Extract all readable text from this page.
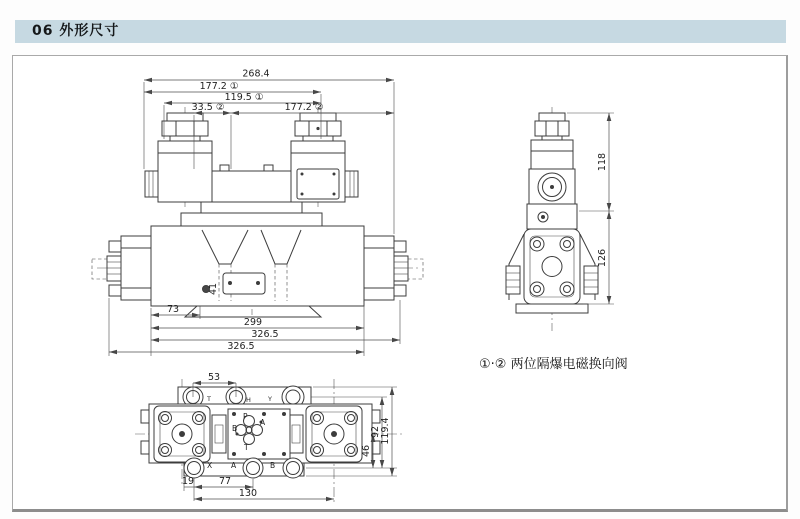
06 外形尺寸
41
268.4
177.2 ①
119.5 ①
33.5 ②	177.2 ②
73
299
326.5
326.5
118
126
①·② 两位隔爆电磁换向阀
T	H	Y
P
A
B
T
X	A	B
53
46
92 119.4
19	77
130
